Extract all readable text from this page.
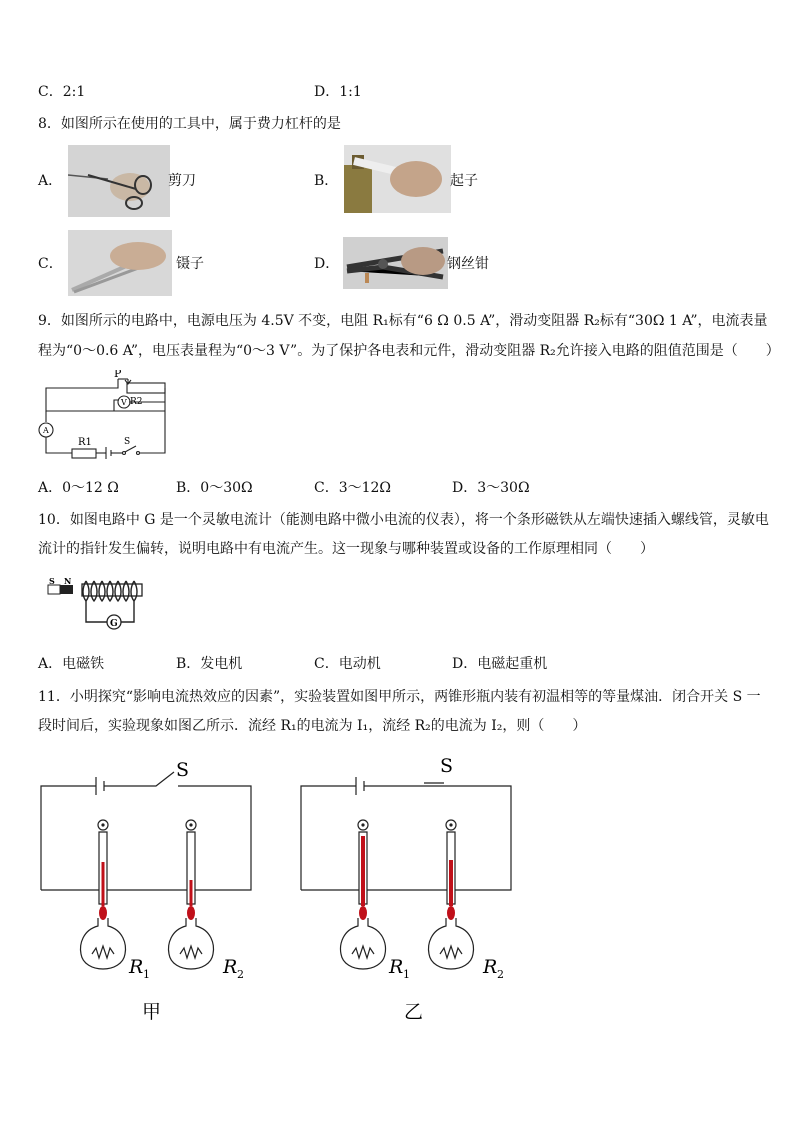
C．2:1	D．1:1
8．如图所示在使用的工具中，属于费力杠杆的是
A．	剪刀	B．	起子
C．	镊子	D．	钢丝钳
9．如图所示的电路中，电源电压为 4.5V 不变，电阻 R₁标有“6 Ω 0.5 A”，滑动变阻器 R₂标有“30Ω 1 A”，电流表量
程为“0～0.6 A”，电压表量程为“0～3 V”。为了保护各电表和元件，滑动变阻器 R₂允许接入电路的阻值范围是（　　）
P
R2
V
A
R1	S
A．0～12 Ω	B．0～30Ω	C．3～12Ω	D．3～30Ω
10．如图电路中 G 是一个灵敏电流计（能测电路中微小电流的仪表），将一个条形磁铁从左端快速插入螺线管，灵敏电
流计的指针发生偏转，说明电路中有电流产生。这一现象与哪种装置或设备的工作原理相同（　　）
S N
G
A．电磁铁	B．发电机	C．电动机	D．电磁起重机
11．小明探究“影响电流热效应的因素”，实验装置如图甲所示，两锥形瓶内装有初温相等的等量煤油．闭合开关 S 一
段时间后，实验现象如图乙所示．流经 R₁的电流为 I₁，流经 R₂的电流为 I₂，则（　　）
S
R 1	R 2
甲
S
R 1	R 2
乙
